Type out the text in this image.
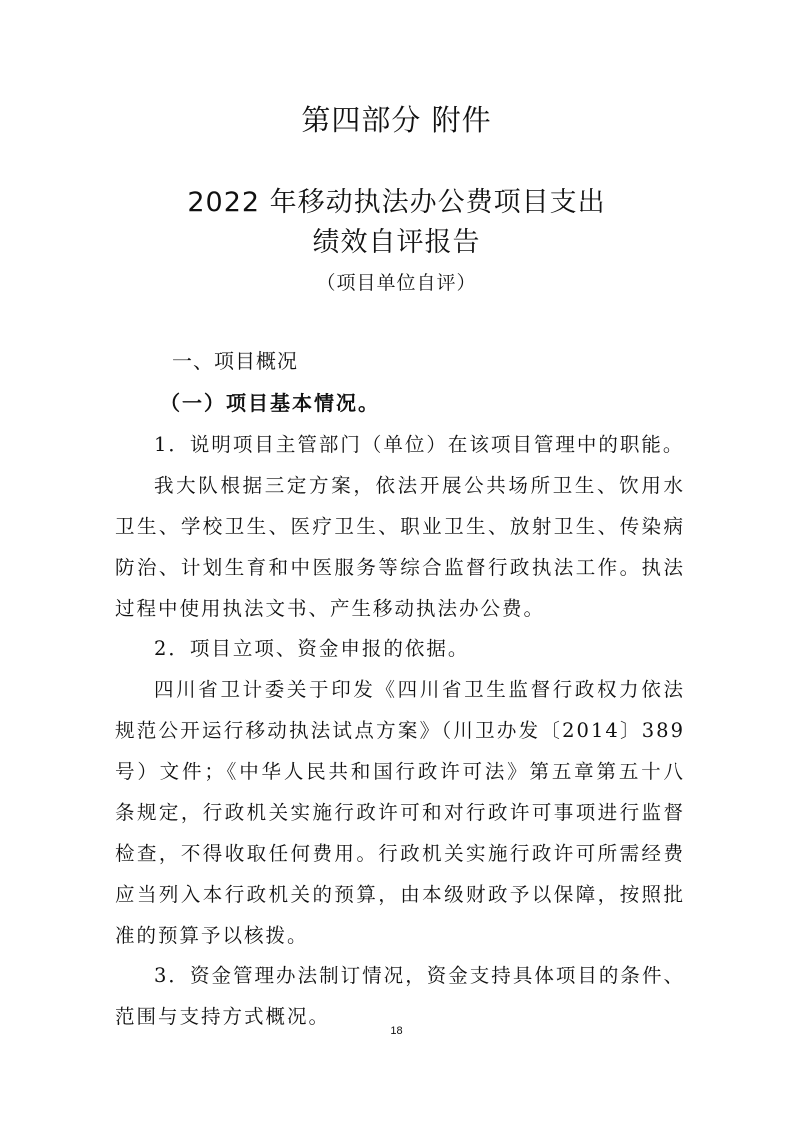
第四部分 附件
2022 年移动执法办公费项目支出
绩效自评报告
（项目单位自评）
一、项目概况
（一）项目基本情况。
1．说明项目主管部门（单位）在该项目管理中的职能。
我大队根据三定方案，依法开展公共场所卫生、饮用水卫生、学校卫生、医疗卫生、职业卫生、放射卫生、传染病防治、计划生育和中医服务等综合监督行政执法工作。执法过程中使用执法文书、产生移动执法办公费。
2．项目立项、资金申报的依据。
四川省卫计委关于印发《四川省卫生监督行政权力依法规范公开运行移动执法试点方案》（川卫办发〔2014〕389号）文件；《中华人民共和国行政许可法》第五章第五十八条规定，行政机关实施行政许可和对行政许可事项进行监督检查，不得收取任何费用。行政机关实施行政许可所需经费应当列入本行政机关的预算，由本级财政予以保障，按照批准的预算予以核拨。
3．资金管理办法制订情况，资金支持具体项目的条件、范围与支持方式概况。
18
